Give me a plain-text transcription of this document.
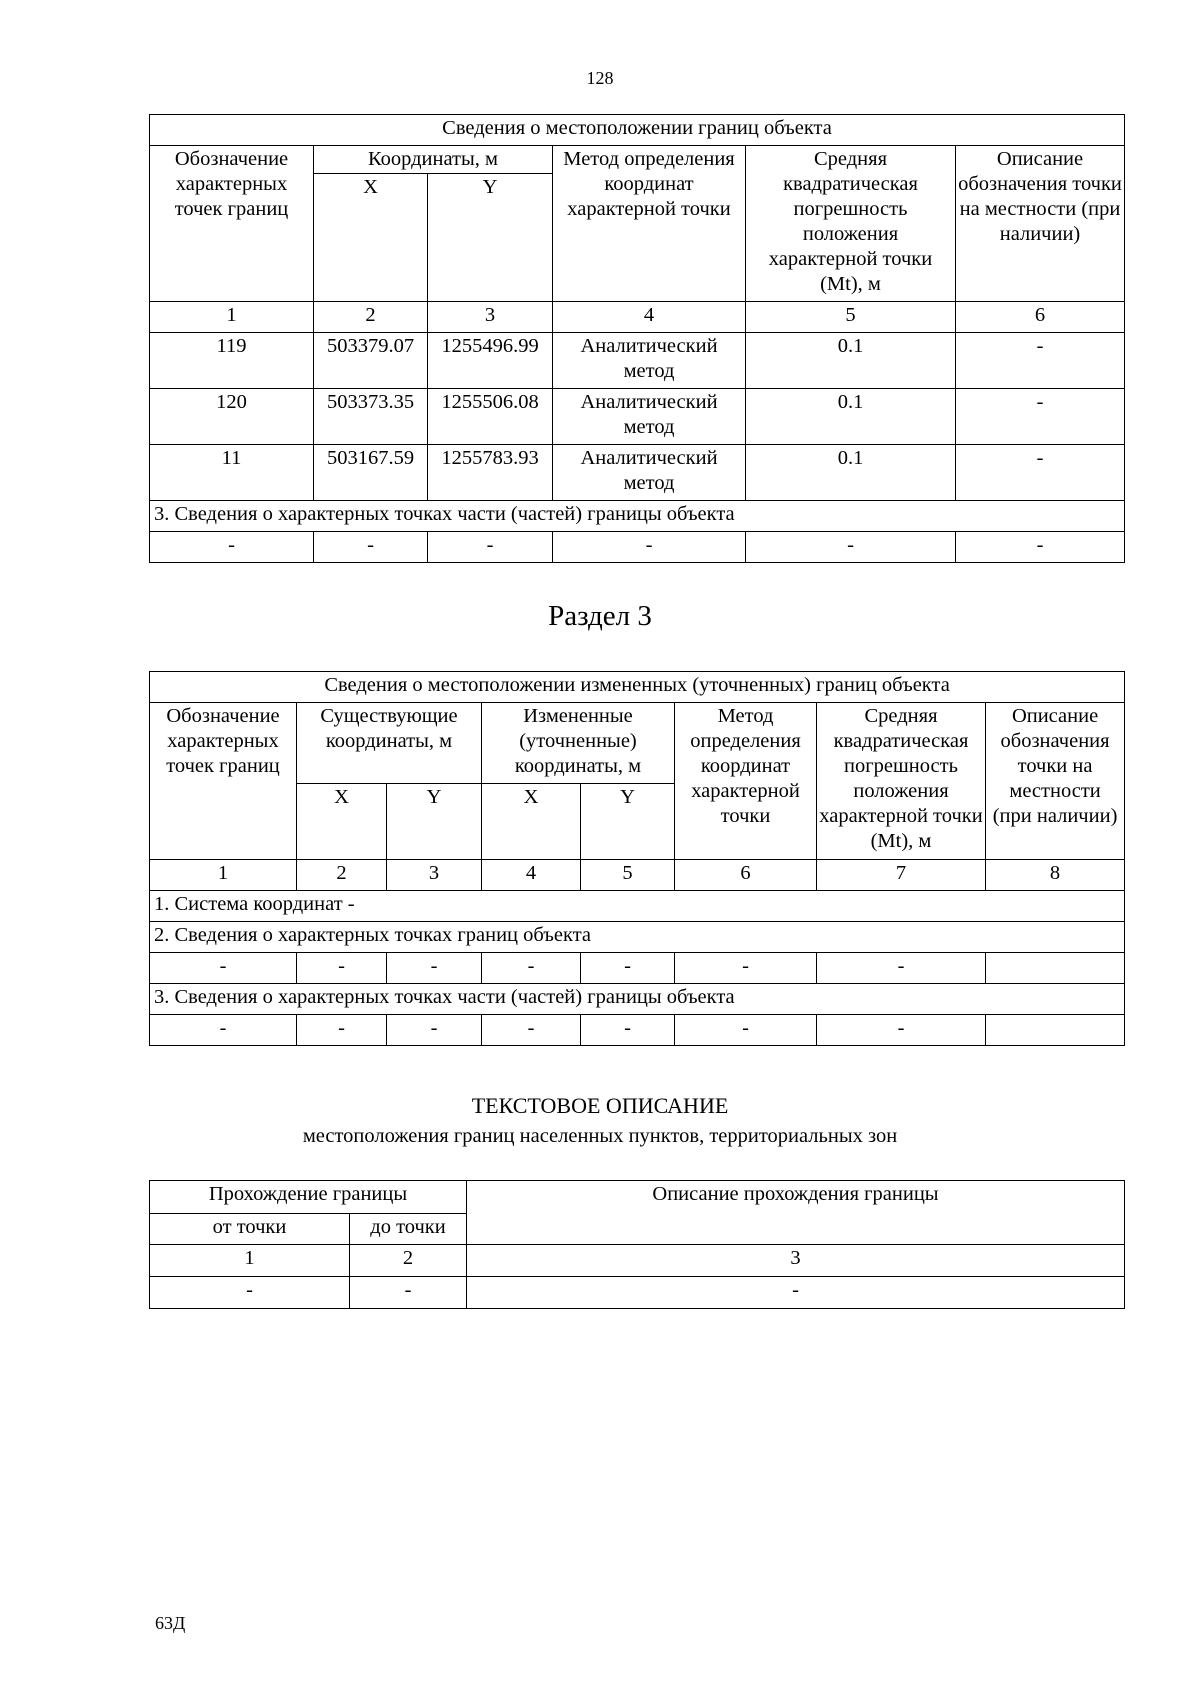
128
Сведения о местоположении границ объекта					
Обозначение характерных точек границ	Координаты, м		Метод определения координат характерной точки	Средняя квадратическая погрешность положения характерной точки (Mt), м	Описание обозначения точки на местности (при наличии)
	X	Y			
1	2	3	4	5	6
119	503379.07	1255496.99	Аналитический метод	0.1	-
120	503373.35	1255506.08	Аналитический метод	0.1	-
11	503167.59	1255783.93	Аналитический метод	0.1	-
3. Сведения о характерных точках части (частей) границы объекта					
-	-	-	-	-	-
Раздел 3
Сведения о местоположении измененных (уточненных) границ объекта							
Обозначение характерных точек границ	Существующие координаты, м		Измененные (уточненные) координаты, м		Метод определения координат характерной точки	Средняя квадратическая погрешность положения характерной точки (Mt), м	Описание обозначения точки на местности (при наличии)
	X	Y	X	Y			
1	2	3	4	5	6	7	8
1. Система координат -							
2. Сведения о характерных точках границ объекта							
-	-	-	-	-	-	-	
3. Сведения о характерных точках части (частей) границы объекта							
-	-	-	-	-	-	-	
ТЕКСТОВОЕ ОПИСАНИЕ
местоположения границ населенных пунктов, территориальных зон
Прохождение границы		Описание прохождения границы
от точки	до точки	
1	2	3
-	-	-
63Д
